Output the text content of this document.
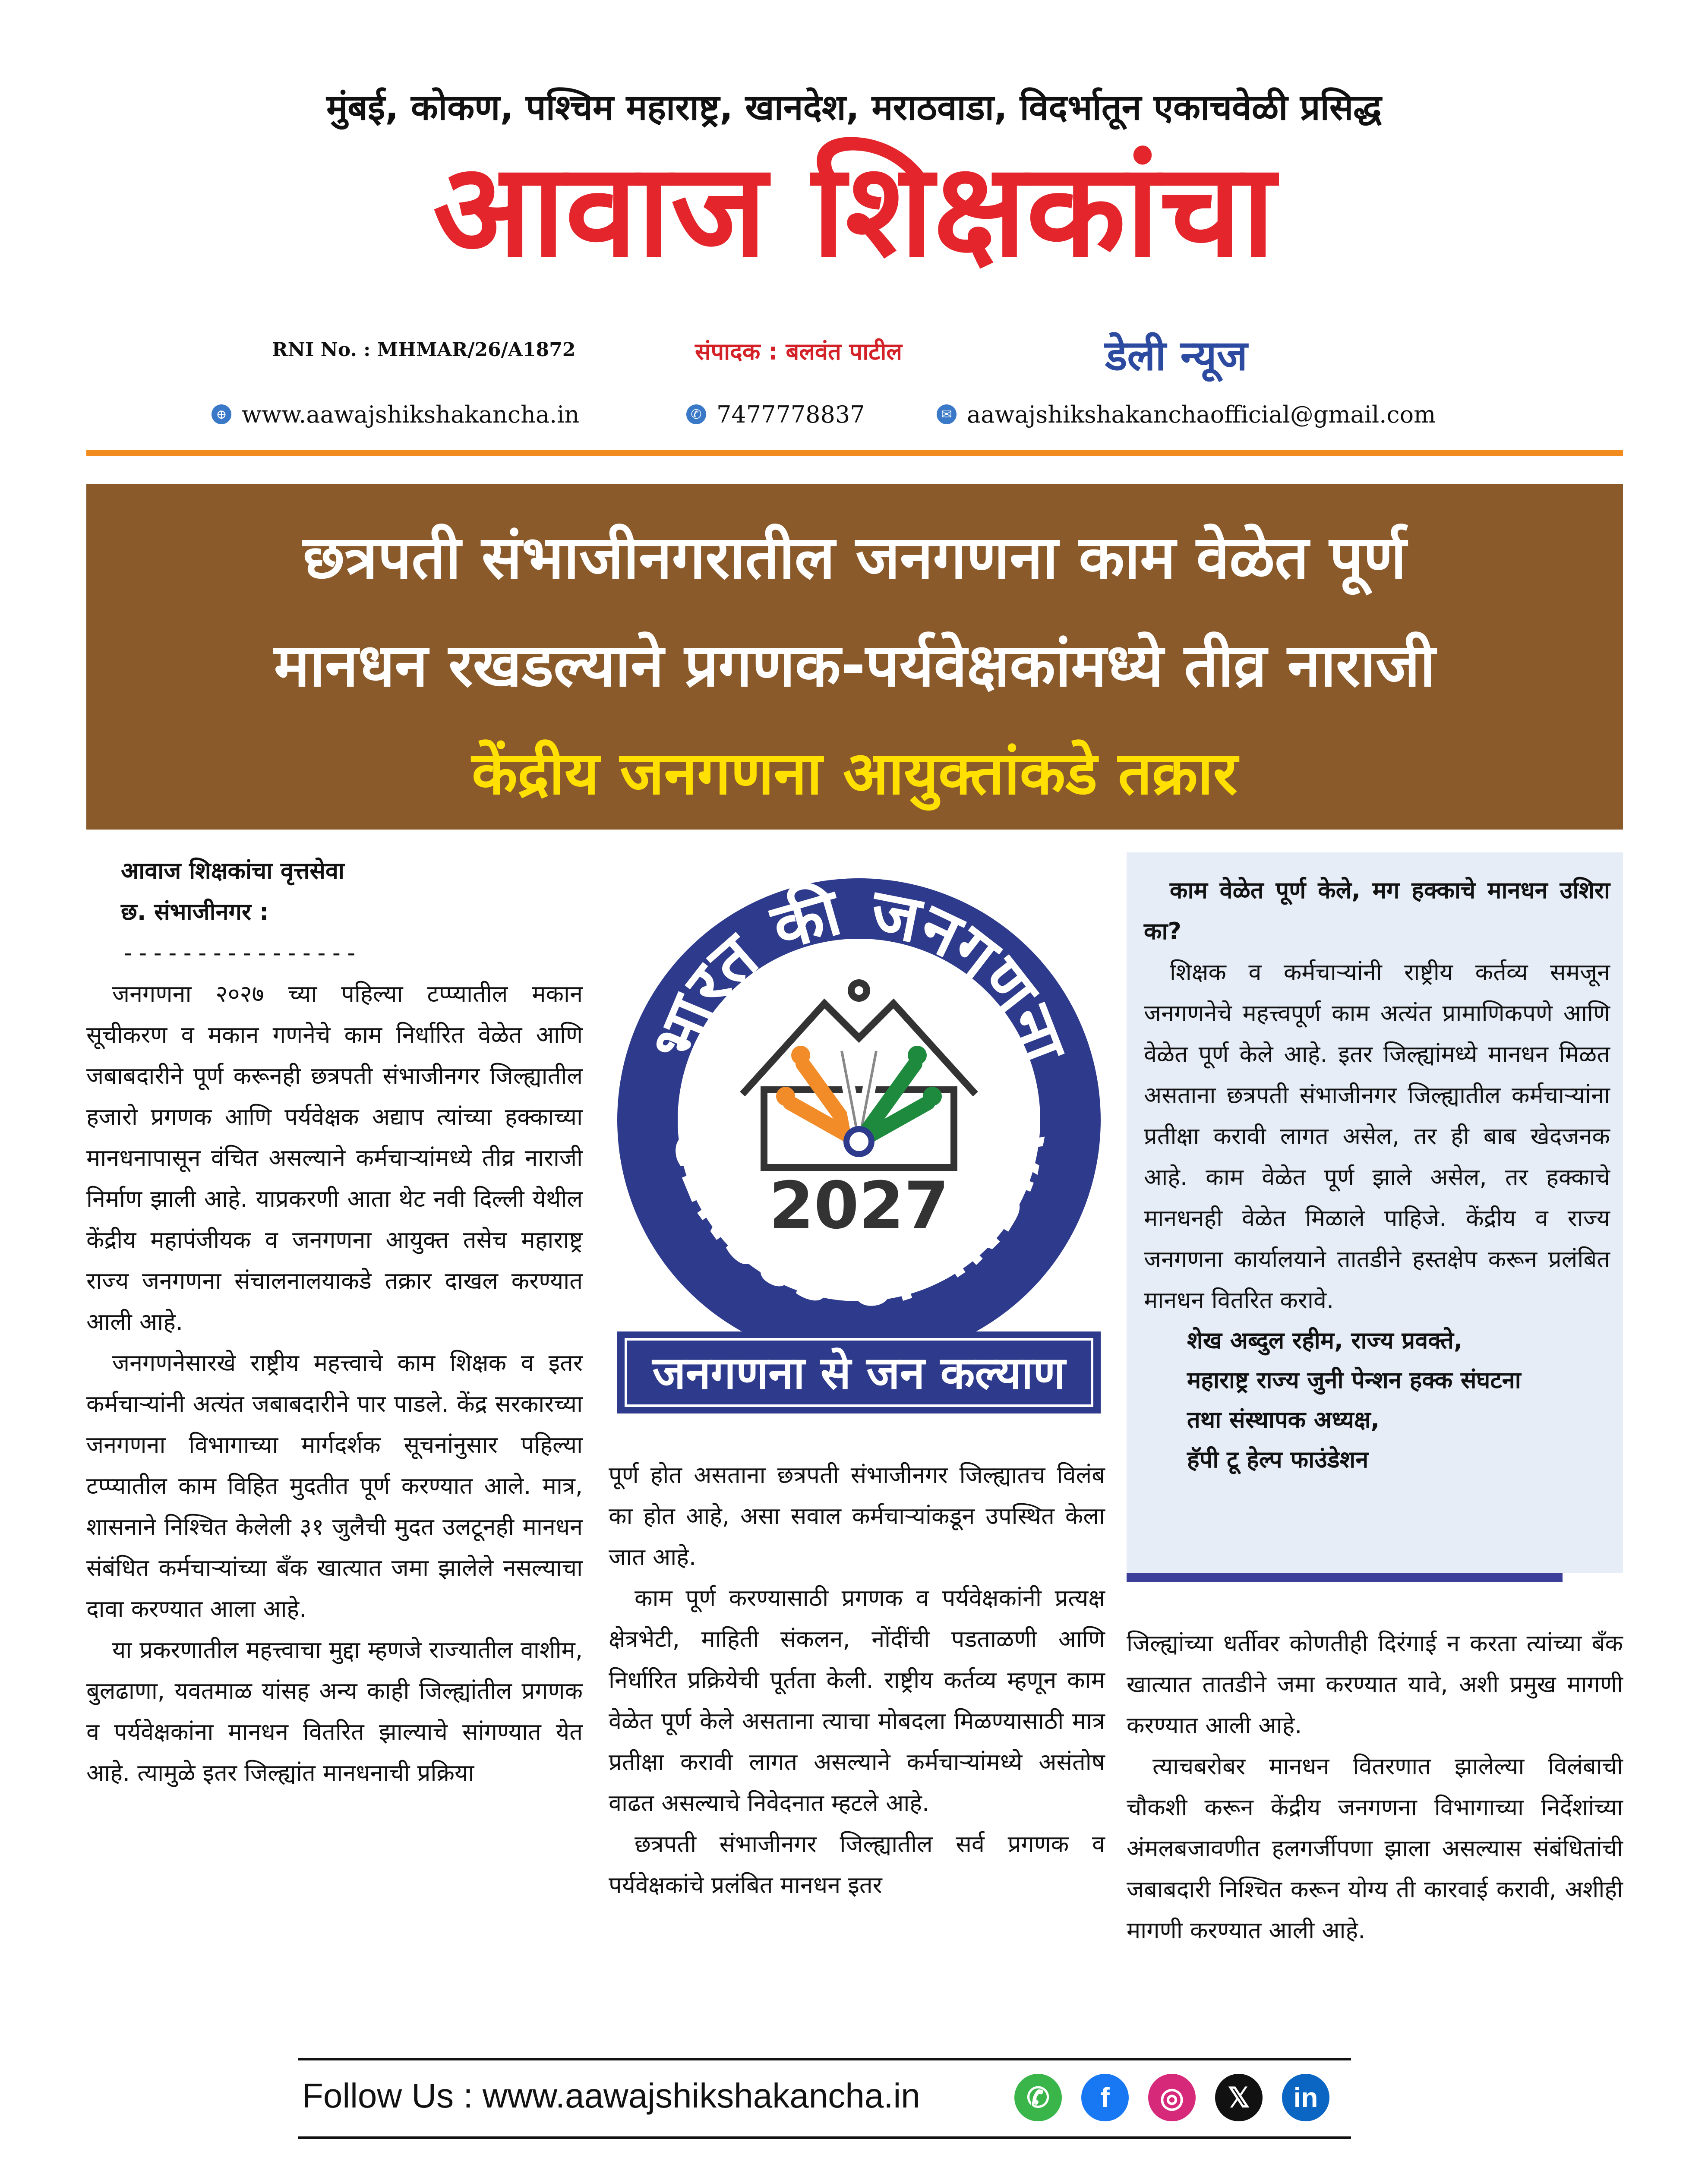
मुंबई, कोकण, पश्चिम महाराष्ट्र, खानदेश, मराठवाडा, विदर्भातून एकाचवेळी प्रसिद्ध
आवाज शिक्षकांचा
RNI No. : MHMAR/26/A1872	संपादक : बलवंत पाटील	डेली न्यूज
⊕ www.aawajshikshakancha.in	✆ 7477778837	✉ aawajshikshakanchaofficial@gmail.com
छत्रपती संभाजीनगरातील जनगणना काम वेळेत पूर्ण
मानधन रखडल्याने प्रगणक-पर्यवेक्षकांमध्ये तीव्र नाराजी
केंद्रीय जनगणना आयुक्तांकडे तक्रार
आवाज शिक्षकांचा वृत्तसेवा
छ. संभाजीनगर :
----------------

जनगणना २०२७ च्या पहिल्या टप्प्यातील मकान सूचीकरण व मकान गणनेचे काम निर्धारित वेळेत आणि जबाबदारीने पूर्ण करूनही छत्रपती संभाजीनगर जिल्ह्यातील हजारो प्रगणक आणि पर्यवेक्षक अद्याप त्यांच्या हक्काच्या मानधनापासून वंचित असल्याने कर्मचाऱ्यांमध्ये तीव्र नाराजी निर्माण झाली आहे. याप्रकरणी आता थेट नवी दिल्ली येथील केंद्रीय महापंजीयक व जनगणना आयुक्त तसेच महाराष्ट्र राज्य जनगणना संचालनालयाकडे तक्रार दाखल करण्यात आली आहे.

जनगणनेसारखे राष्ट्रीय महत्त्वाचे काम शिक्षक व इतर कर्मचाऱ्यांनी अत्यंत जबाबदारीने पार पाडले. केंद्र सरकारच्या जनगणना विभागाच्या मार्गदर्शक सूचनांनुसार पहिल्या टप्प्यातील काम विहित मुदतीत पूर्ण करण्यात आले. मात्र, शासनाने निश्चित केलेली ३१ जुलैची मुदत उलटूनही मानधन संबंधित कर्मचाऱ्यांच्या बँक खात्यात जमा झालेले नसल्याचा दावा करण्यात आला आहे.

या प्रकरणातील महत्त्वाचा मुद्दा म्हणजे राज्यातील वाशीम, बुलढाणा, यवतमाळ यांसह अन्य काही जिल्ह्यांतील प्रगणक व पर्यवेक्षकांना मानधन वितरित झाल्याचे सांगण्यात येत आहे. त्यामुळे इतर जिल्ह्यांत मानधनाची प्रक्रिया

भारत की जनगणना
CENSUS OF INDIA
2027
जनगणना से जन कल्याण

पूर्ण होत असताना छत्रपती संभाजीनगर जिल्ह्यातच विलंब का होत आहे, असा सवाल कर्मचाऱ्यांकडून उपस्थित केला जात आहे.

काम पूर्ण करण्यासाठी प्रगणक व पर्यवेक्षकांनी प्रत्यक्ष क्षेत्रभेटी, माहिती संकलन, नोंदींची पडताळणी आणि निर्धारित प्रक्रियेची पूर्तता केली. राष्ट्रीय कर्तव्य म्हणून काम वेळेत पूर्ण केले असताना त्याचा मोबदला मिळण्यासाठी मात्र प्रतीक्षा करावी लागत असल्याने कर्मचाऱ्यांमध्ये असंतोष वाढत असल्याचे निवेदनात म्हटले आहे.

छत्रपती संभाजीनगर जिल्ह्यातील सर्व प्रगणक व पर्यवेक्षकांचे प्रलंबित मानधन इतर

काम वेळेत पूर्ण केले, मग हक्काचे मानधन उशिरा का?

शिक्षक व कर्मचाऱ्यांनी राष्ट्रीय कर्तव्य समजून जनगणनेचे महत्त्वपूर्ण काम अत्यंत प्रामाणिकपणे आणि वेळेत पूर्ण केले आहे. इतर जिल्ह्यांमध्ये मानधन मिळत असताना छत्रपती संभाजीनगर जिल्ह्यातील कर्मचाऱ्यांना प्रतीक्षा करावी लागत असेल, तर ही बाब खेदजनक आहे. काम वेळेत पूर्ण झाले असेल, तर हक्काचे मानधनही वेळेत मिळाले पाहिजे. केंद्रीय व राज्य जनगणना कार्यालयाने तातडीने हस्तक्षेप करून प्रलंबित मानधन वितरित करावे.

शेख अब्दुल रहीम, राज्य प्रवक्ते,
महाराष्ट्र राज्य जुनी पेन्शन हक्क संघटना
तथा संस्थापक अध्यक्ष,
हॅपी टू हेल्प फाउंडेशन

जिल्ह्यांच्या धर्तीवर कोणतीही दिरंगाई न करता त्यांच्या बँक खात्यात तातडीने जमा करण्यात यावे, अशी प्रमुख मागणी करण्यात आली आहे.

त्याचबरोबर मानधन वितरणात झालेल्या विलंबाची चौकशी करून केंद्रीय जनगणना विभागाच्या निर्देशांच्या अंमलबजावणीत हलगर्जीपणा झाला असल्यास संबंधितांची जबाबदारी निश्चित करून योग्य ती कारवाई करावी, अशीही मागणी करण्यात आली आहे.

Follow Us : www.aawajshikshakancha.in	✆	f	◎	𝕏	in
